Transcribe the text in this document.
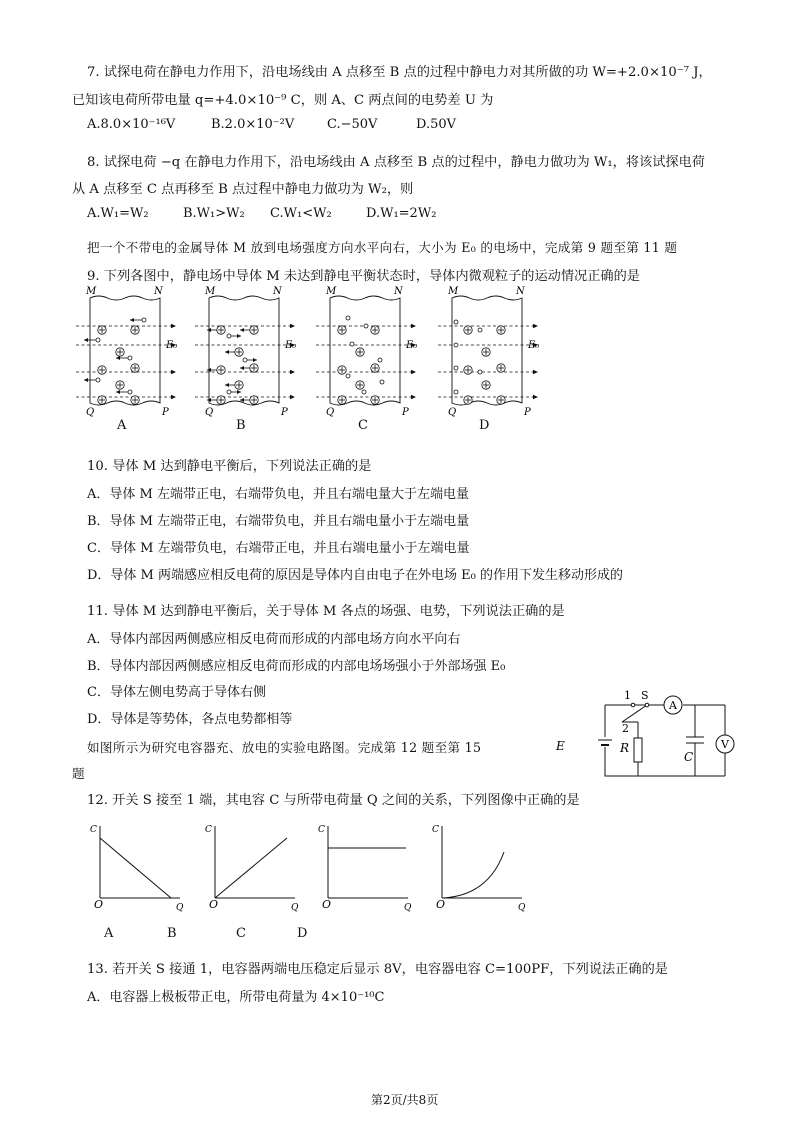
7. 试探电荷在静电力作用下，沿电场线由 A 点移至 B 点的过程中静电力对其所做的功 W=+2.0×10⁻⁷ J，
已知该电荷所带电量 q=+4.0×10⁻⁹ C，则 A、C 两点间的电势差 U 为
A.8.0×10⁻¹⁶V	B.2.0×10⁻²V	C.−50V	D.50V
8. 试探电荷 −q 在静电力作用下，沿电场线由 A 点移至 B 点的过程中，静电力做功为 W₁，将该试探电荷
从 A 点移至 C 点再移至 B 点过程中静电力做功为 W₂，则
A.W₁=W₂	B.W₁>W₂ C.W₁<W₂	D.W₁=2W₂
把一个不带电的金属导体 M 放到电场强度方向水平向右，大小为 E₀ 的电场中，完成第 9 题至第 11 题
9. 下列各图中，静电场中导体 M 未达到静电平衡状态时，导体内微观粒子的运动情况正确的是
M	N
Q	P
E₀
M	N
Q	P
E₀
M	N
Q	P
E₀
M	N
Q	P
E₀
A	B	C	D
10. 导体 M 达到静电平衡后，下列说法正确的是
A．导体 M 左端带正电，右端带负电，并且右端电量大于左端电量
B．导体 M 左端带正电，右端带负电，并且右端电量小于左端电量
C．导体 M 左端带负电，右端带正电，并且右端电量小于左端电量
D．导体 M 两端感应相反电荷的原因是导体内自由电子在外电场 E₀ 的作用下发生移动形成的
11. 导体 M 达到静电平衡后，关于导体 M 各点的场强、电势，下列说法正确的是
A．导体内部因两侧感应相反电荷而形成的内部电场方向水平向右
B．导体内部因两侧感应相反电荷而形成的内部电场场强小于外部场强 E₀
C．导体左侧电势高于导体右侧
D．导体是等势体，各点电势都相等
如图所示为研究电容器充、放电的实验电路图。完成第 12 题至第 15
题
A
V
1
2
S
E	R
C
12. 开关 S 接至 1 端，其电容 C 与所带电荷量 Q 之间的关系，下列图像中正确的是
C
Q
O
C
Q
O
C
Q
O
C
Q
O
A	B	C	D
13. 若开关 S 接通 1，电容器两端电压稳定后显示 8V，电容器电容 C=100PF，下列说法正确的是
A．电容器上极板带正电，所带电荷量为 4×10⁻¹⁰C
第2页/共8页
